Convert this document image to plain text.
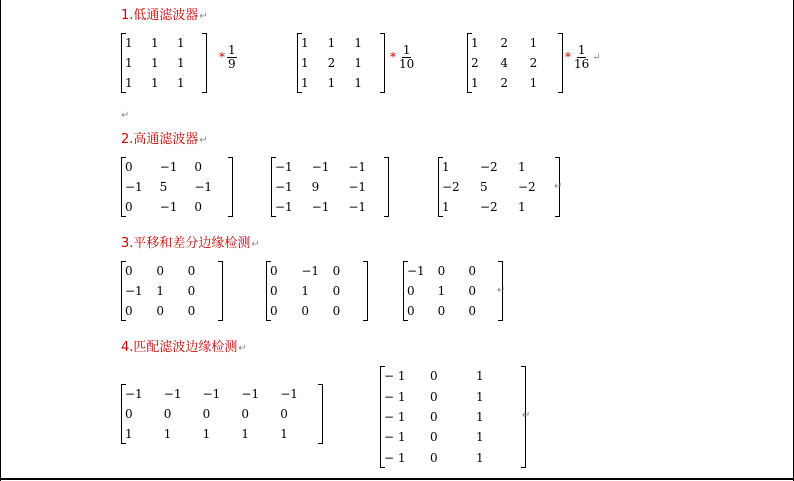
1.低通滤波器↵
↵
2.高通滤波器↵
3.平移和差分边缘检测↵
4.匹配滤波边缘检测↵
1	1	1
1	1	1
1	1	1
* $\frac{1}{9}$
1	1	1
1	2	1
1	1	1
* $\frac{1}{10}$
1	2	1
2	4	2
1	2	1
* $\frac{1}{16}$ ↵
0	−1	0
−1	5	−1
0	−1	0
−1	−1	−1
−1	9	−1
−1	−1	−1
1	−2	1
−2	5	−2
1	−2	1
↵
0	0	0
−1	1	0
0	0	0
0	−1	0
0	1	0
0	0	0
−1	0	0
0	1	0
0	0	0
↵
−1	−1	−1	−1	−1
0	0	0	0	0
1	1	1	1	1
− 1	0	1
− 1	0	1
− 1	0	1
− 1	0	1
− 1	0	1
↵
